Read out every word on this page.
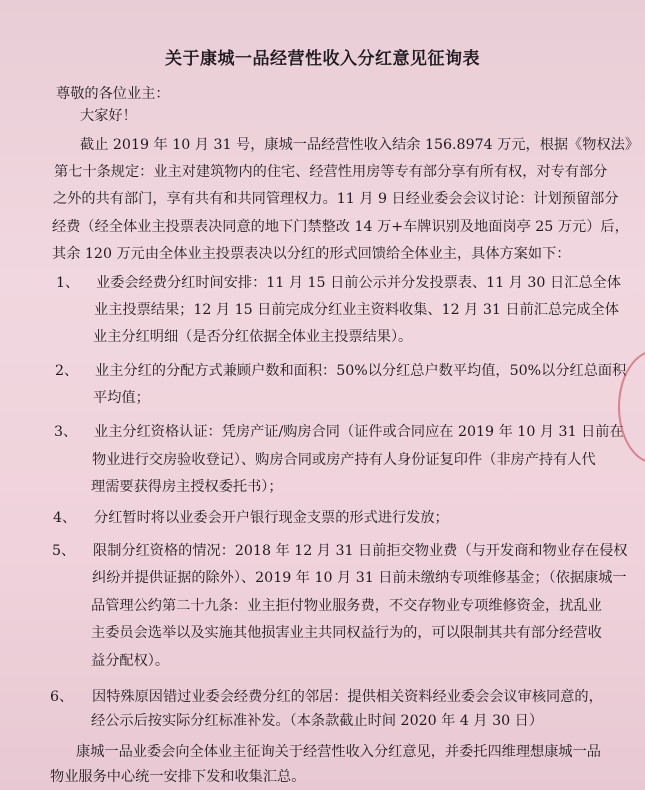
关于康城一品经营性收入分红意见征询表
尊敬的各位业主：
大家好！
截止 2019 年 10 月 31 号，康城一品经营性收入结余 156.8974 万元，根据《物权法》
第七十条规定：业主对建筑物内的住宅、经营性用房等专有部分享有所有权，对专有部分
之外的共有部门，享有共有和共同管理权力。11 月 9 日经业委会会议讨论：计划预留部分
经费（经全体业主投票表决同意的地下门禁整改 14 万+车牌识别及地面岗亭 25 万元）后，
其余 120 万元由全体业主投票表决以分红的形式回馈给全体业主，具体方案如下：
1、 业委会经费分红时间安排：11 月 15 日前公示并分发投票表、11 月 30 日汇总全体
业主投票结果；12 月 15 日前完成分红业主资料收集、12 月 31 日前汇总完成全体
业主分红明细（是否分红依据全体业主投票结果）。
2、 业主分红的分配方式兼顾户数和面积：50%以分红总户数平均值，50%以分红总面积
平均值；
3、 业主分红资格认证：凭房产证/购房合同（证件或合同应在 2019 年 10 月 31 日前在
物业进行交房验收登记）、购房合同或房产持有人身份证复印件（非房产持有人代
理需要获得房主授权委托书）；
4、 分红暂时将以业委会开户银行现金支票的形式进行发放；
5、 限制分红资格的情况：2018 年 12 月 31 日前拒交物业费（与开发商和物业存在侵权
纠纷并提供证据的除外）、2019 年 10 月 31 日前未缴纳专项维修基金；（依据康城一
品管理公约第二十九条：业主拒付物业服务费，不交存物业专项维修资金，扰乱业
主委员会选举以及实施其他损害业主共同权益行为的，可以限制其共有部分经营收
益分配权）。
6、 因特殊原因错过业委会经费分红的邻居：提供相关资料经业委会会议审核同意的，
经公示后按实际分红标准补发。（本条款截止时间 2020 年 4 月 30 日）
康城一品业委会向全体业主征询关于经营性收入分红意见，并委托四维理想康城一品
物业服务中心统一安排下发和收集汇总。
